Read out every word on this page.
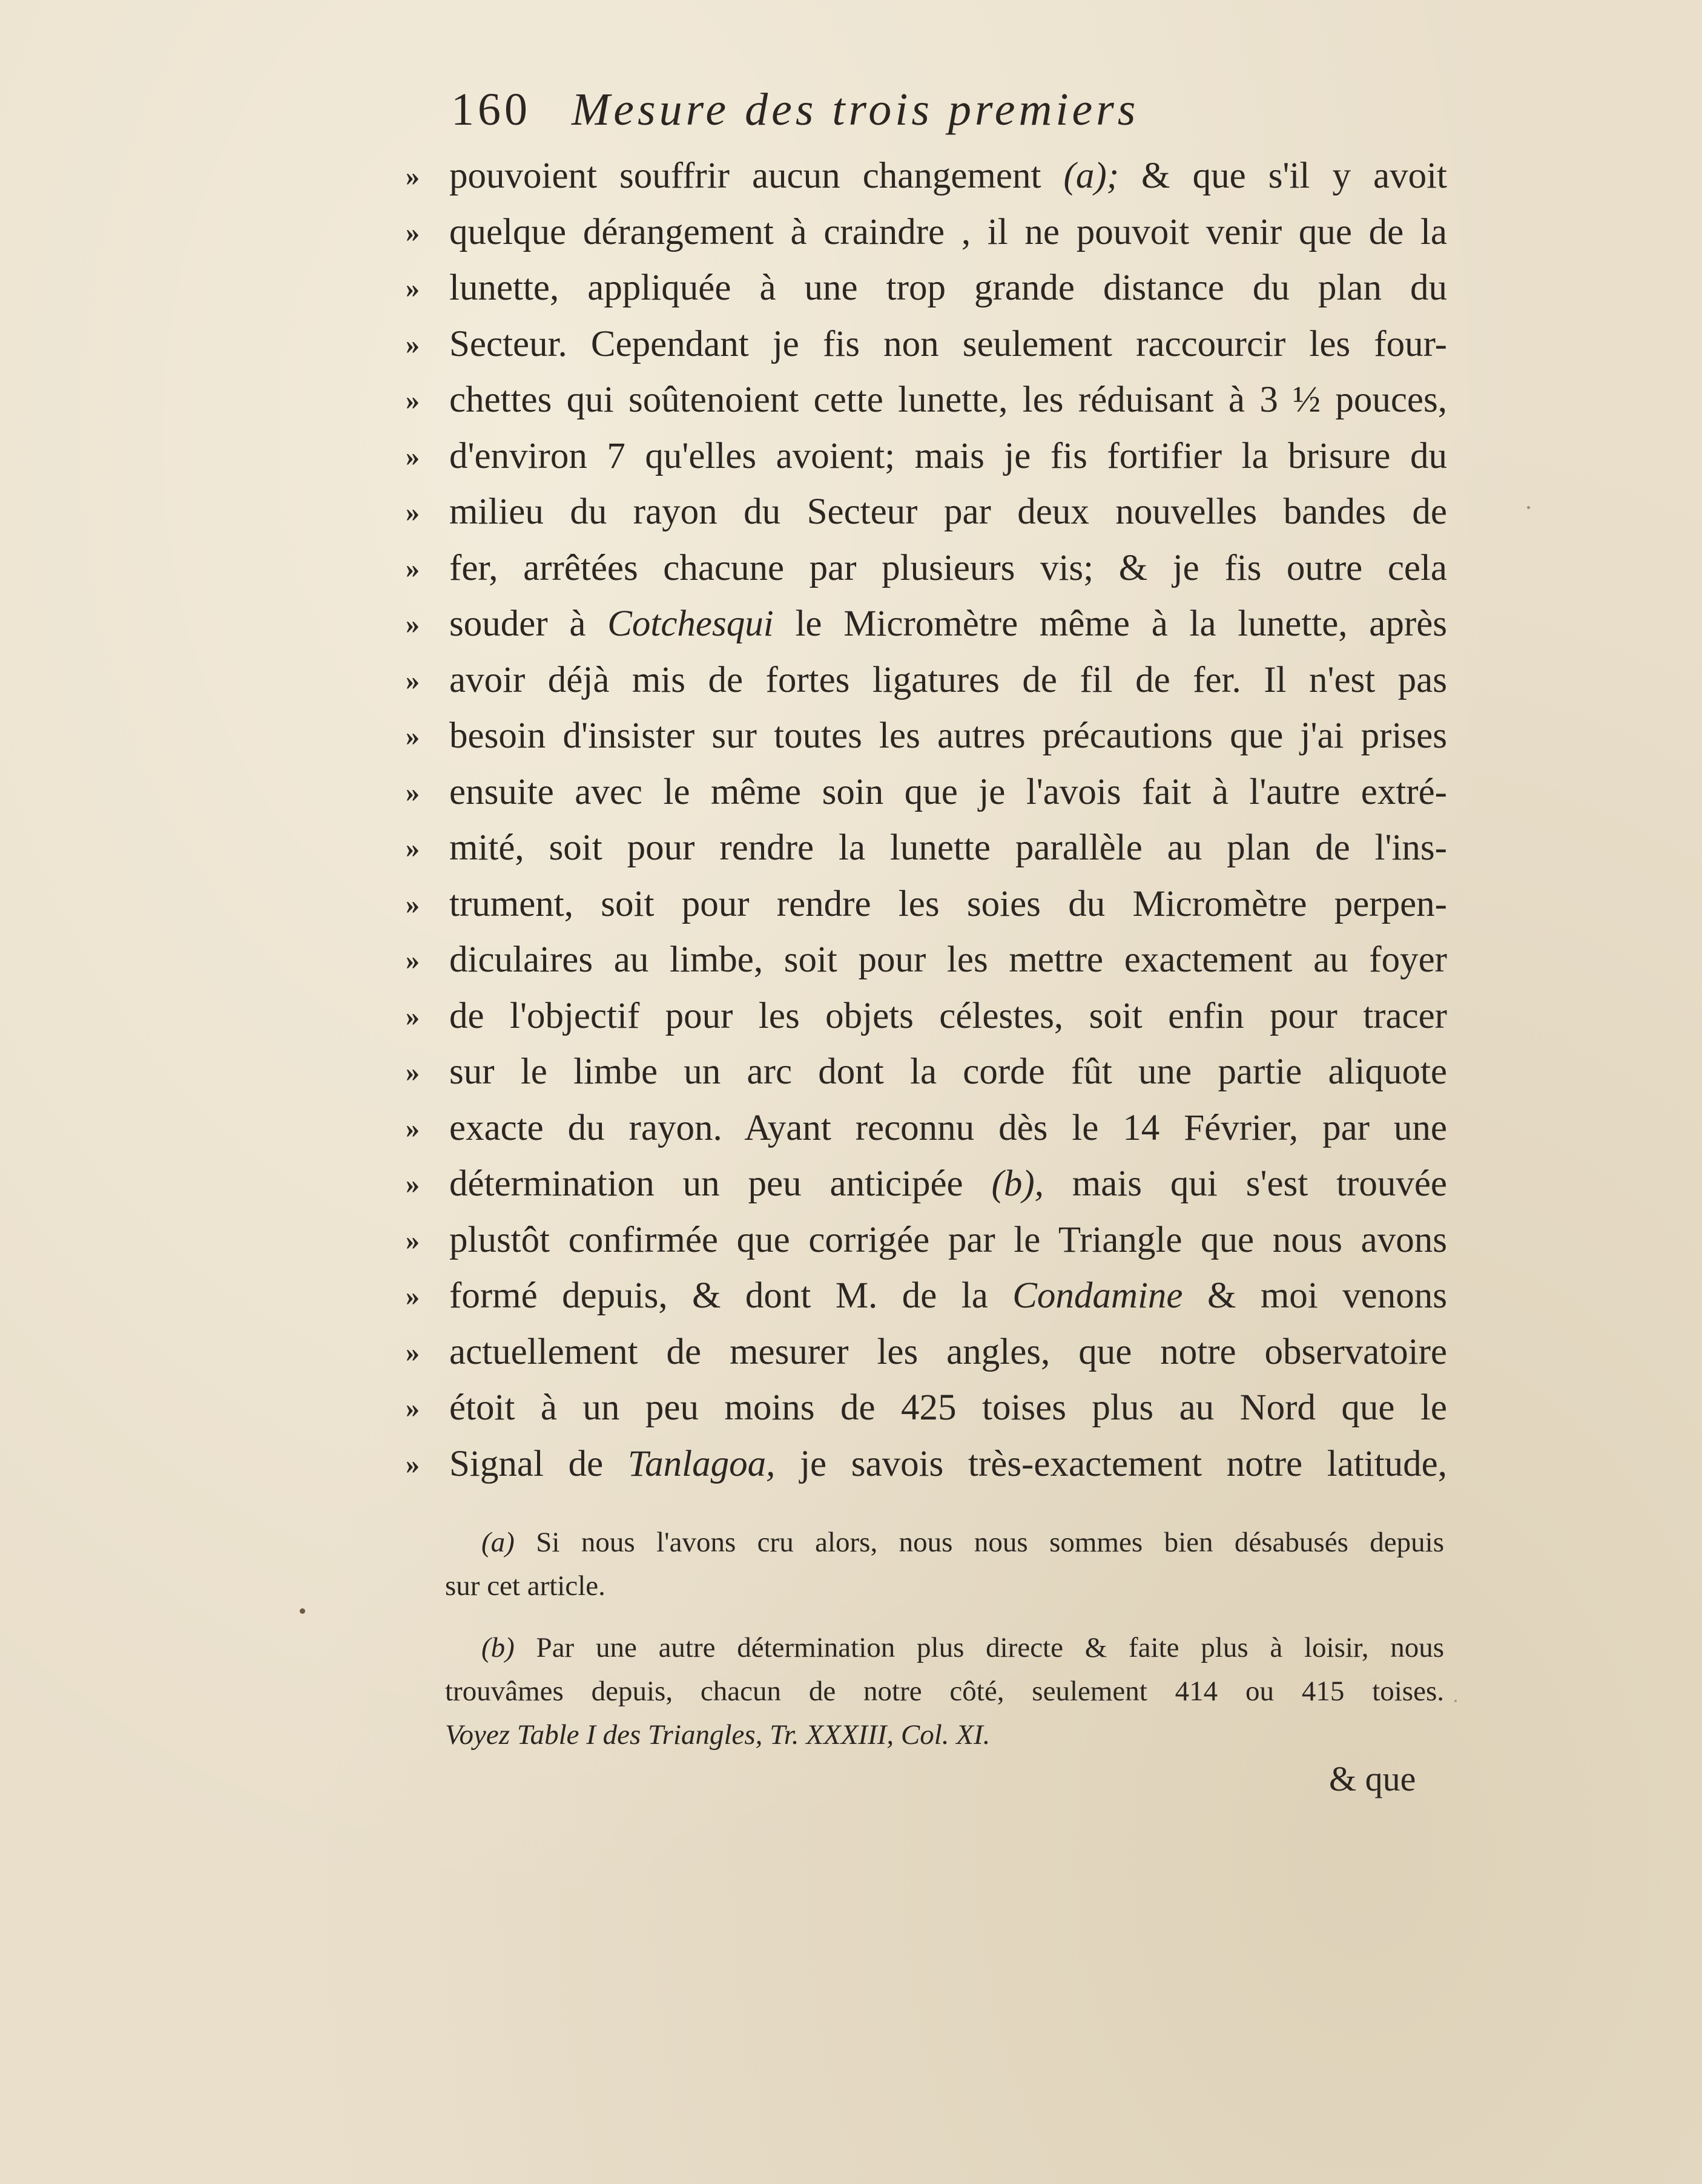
160 Mesure des trois premiers
» pouvoient souffrir aucun changement (a); & que s'il y avoit
» quelque dérangement à craindre , il ne pouvoit venir que de la
» lunette, appliquée à une trop grande distance du plan du
» Secteur. Cependant je fis non seulement raccourcir les four-
» chettes qui soûtenoient cette lunette, les réduisant à 3 ½ pouces,
» d'environ 7 qu'elles avoient; mais je fis fortifier la brisure du
» milieu du rayon du Secteur par deux nouvelles bandes de
» fer, arrêtées chacune par plusieurs vis; & je fis outre cela
» souder à Cotchesqui le Micromètre même à la lunette, après
» avoir déjà mis de fortes ligatures de fil de fer. Il n'est pas
» besoin d'insister sur toutes les autres précautions que j'ai prises
» ensuite avec le même soin que je l'avois fait à l'autre extré-
» mité, soit pour rendre la lunette parallèle au plan de l'ins-
» trument, soit pour rendre les soies du Micromètre perpen-
» diculaires au limbe, soit pour les mettre exactement au foyer
» de l'objectif pour les objets célestes, soit enfin pour tracer
» sur le limbe un arc dont la corde fût une partie aliquote
» exacte du rayon. Ayant reconnu dès le 14 Février, par une
» détermination un peu anticipée (b), mais qui s'est trouvée
» plustôt confirmée que corrigée par le Triangle que nous avons
» formé depuis, & dont M. de la Condamine & moi venons
» actuellement de mesurer les angles, que notre observatoire
» étoit à un peu moins de 425 toises plus au Nord que le
» Signal de Tanlagoa, je savois très-exactement notre latitude,
(a) Si nous l'avons cru alors, nous nous sommes bien désabusés depuis
sur cet article.
(b) Par une autre détermination plus directe & faite plus à loisir, nous
trouvâmes depuis, chacun de notre côté, seulement 414 ou 415 toises.
Voyez Table I des Triangles, Tr. XXXIII, Col. XI.
& que
